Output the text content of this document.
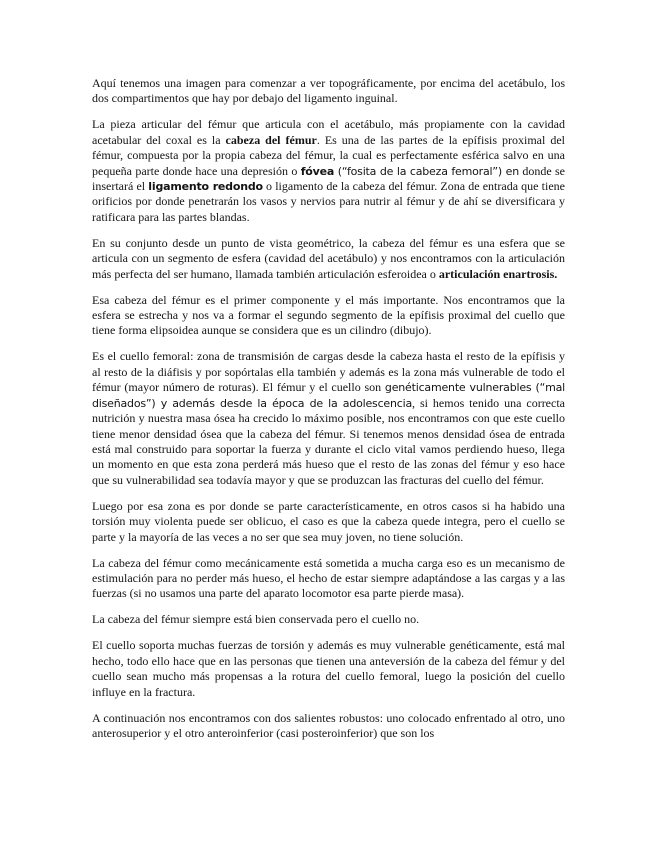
Aquí tenemos una imagen para comenzar a ver topográficamente, por encima del acetábulo, los dos compartimentos que hay por debajo del ligamento inguinal.

La pieza articular del fémur que articula con el acetábulo, más propiamente con la cavidad acetabular del coxal es la cabeza del fémur. Es una de las partes de la epífisis proximal del fémur, compuesta por la propia cabeza del fémur, la cual es perfectamente esférica salvo en una pequeña parte donde hace una depresión o fóvea (“fosita de la cabeza femoral”) en donde se insertará el ligamento redondo o ligamento de la cabeza del fémur. Zona de entrada que tiene orificios por donde penetrarán los vasos y nervios para nutrir al fémur y de ahí se diversificara y ratificara para las partes blandas.

En su conjunto desde un punto de vista geométrico, la cabeza del fémur es una esfera que se articula con un segmento de esfera (cavidad del acetábulo) y nos encontramos con la articulación más perfecta del ser humano, llamada también articulación esferoidea o articulación enartrosis.

Esa cabeza del fémur es el primer componente y el más importante. Nos encontramos que la esfera se estrecha y nos va a formar el segundo segmento de la epífisis proximal del cuello que tiene forma elipsoidea aunque se considera que es un cilindro (dibujo).

Es el cuello femoral: zona de transmisión de cargas desde la cabeza hasta el resto de la epífisis y al resto de la diáfisis y por sopórtalas ella también y además es la zona más vulnerable de todo el fémur (mayor número de roturas). El fémur y el cuello son genéticamente vulnerables (“mal diseñados”) y además desde la época de la adolescencia, si hemos tenido una correcta nutrición y nuestra masa ósea ha crecido lo máximo posible, nos encontramos con que este cuello tiene menor densidad ósea que la cabeza del fémur. Si tenemos menos densidad ósea de entrada está mal construido para soportar la fuerza y durante el ciclo vital vamos perdiendo hueso, llega un momento en que esta zona perderá más hueso que el resto de las zonas del fémur y eso hace que su vulnerabilidad sea todavía mayor y que se produzcan las fracturas del cuello del fémur.

Luego por esa zona es por donde se parte característicamente, en otros casos si ha habido una torsión muy violenta puede ser oblicuo, el caso es que la cabeza quede integra, pero el cuello se parte y la mayoría de las veces a no ser que sea muy joven, no tiene solución.

La cabeza del fémur como mecánicamente está sometida a mucha carga eso es un mecanismo de estimulación para no perder más hueso, el hecho de estar siempre adaptándose a las cargas y a las fuerzas (si no usamos una parte del aparato locomotor esa parte pierde masa).

La cabeza del fémur siempre está bien conservada pero el cuello no.

El cuello soporta muchas fuerzas de torsión y además es muy vulnerable genéticamente, está mal hecho, todo ello hace que en las personas que tienen una anteversión de la cabeza del fémur y del cuello sean mucho más propensas a la rotura del cuello femoral, luego la posición del cuello influye en la fractura.

A continuación nos encontramos con dos salientes robustos: uno colocado enfrentado al otro, uno anterosuperior y el otro anteroinferior (casi posteroinferior) que son los
